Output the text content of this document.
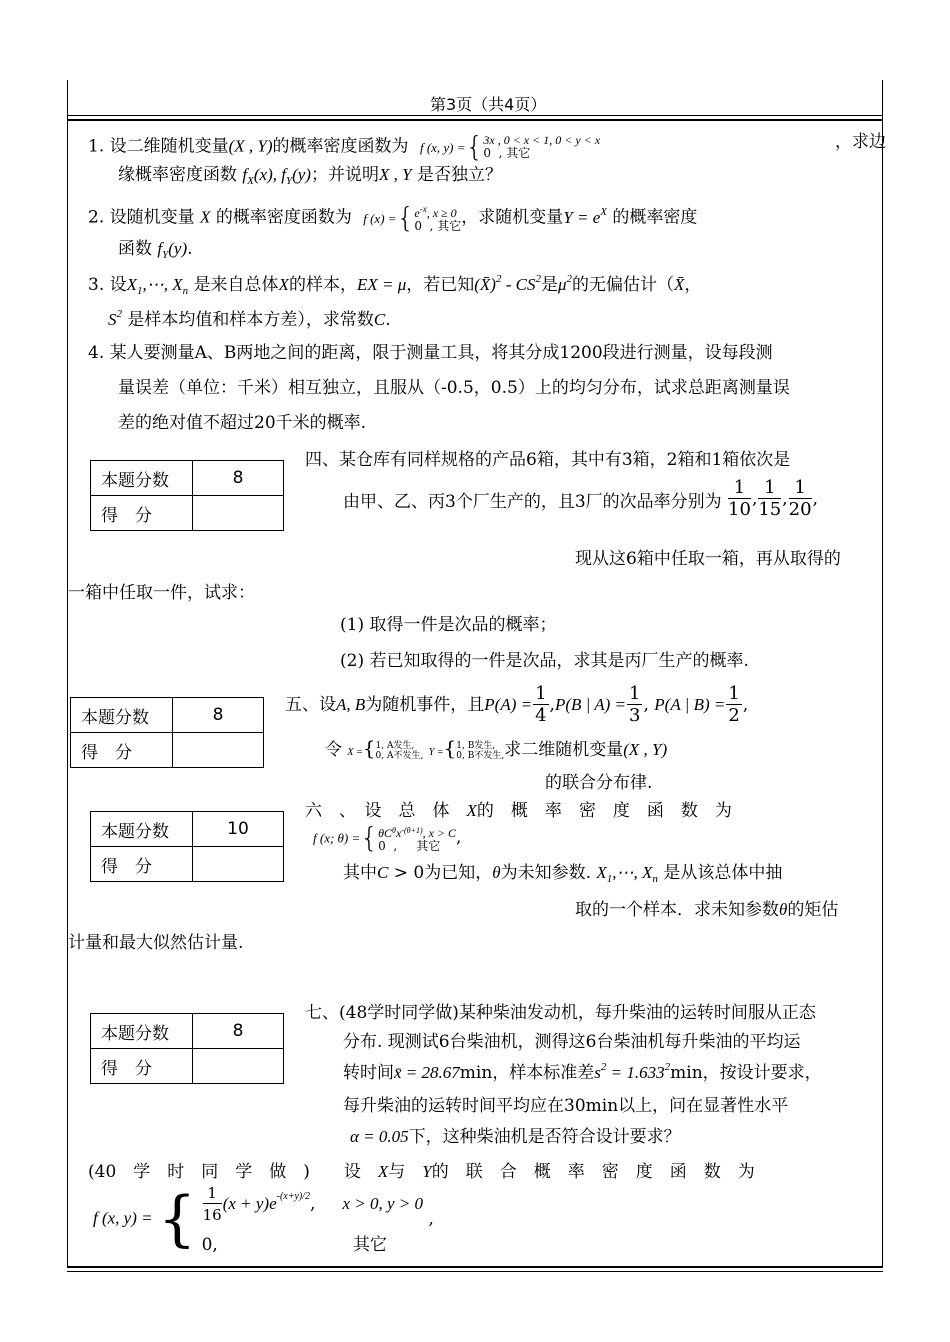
第3页（共4页）
1. 设二维随机变量(X , Y)的概率密度函数为 f (x, y) ={3x , 0 < x < 1, 0 < y < x
0  , 其它
，求边
缘概率密度函数 $f_X(x)$, $f_Y(y)$；并说明X , Y 是否独立？
2. 设随机变量 X 的概率密度函数为 f $(x) =\{e^{-x}$, x ≥ 0
0  , 其它，求随机变量$Y = e^X$ 的概率密度
函数 $f_Y(y)$.
3. 设$X_1,\cdots$, $X_n$ 是来自总体X的样本，EX = μ，若已知(X̄)$^2$ - $CS^2$是$\mu^2$的无偏估计（X̄，
$S^2$ 是样本均值和样本方差），求常数C.
4. 某人要测量A、B两地之间的距离，限于测量工具，将其分成1200段进行测量，设每段测
量误差（单位：千米）相互独立，且服从（-0.5，0.5）上的均匀分布，试求总距离测量误
差的绝对值不超过20千米的概率.
本题分数	8
得　分	
四、某仓库有同样规格的产品6箱，其中有3箱，2箱和1箱依次是
由甲、乙、丙3个厂生产的，且3厂的次品率分别为 $\frac{1}{10}$ , $\frac{1}{15}$ , $\frac{1}{20}$ ,
现从这6箱中任取一箱，再从取得的
一箱中任取一件，试求：
(1) 取得一件是次品的概率；
(2) 若已知取得的一件是次品，求其是丙厂生产的概率.
本题分数	8
得　分	
五、设A, B为随机事件，且$P(A) = \frac{1}{4} ,P(B$ | $A) = \frac{1}{3}$ , P(A | $B) = \frac{1}{2}$ ,
令 X ={1, A发生,
0, A不发生, Y ={1, B发生,
0, B不发生,求二维随机变量(X , Y)
的联合分布律.
本题分数	10
得　分	
六　、　设　总　体　X的　概　率　密　度　函　数　为
f (x; $\theta) =\{\theta C^\theta x^{-(\theta+1)}$, x > C
0  ,     其它 ,
其中C > 0为已知，θ为未知参数. $X_1,\cdots$, $X_n$ 是从该总体中抽
取的一个样本．求未知参数θ的矩估
计量和最大似然估计量.
本题分数	8
得　分	
七、(48学时同学做)某种柴油发动机，每升柴油的运转时间服从正态
分布. 现测试6台柴油机，测得这6台柴油机每升柴油的平均运
转时间x̄ = 28.67min，样本标准差$s^2 = 1.633^2\min$，按设计要求，
每升柴油的运转时间平均应在30min以上，问在显著性水平
α = 0.05下，这种柴油机是否符合设计要求？
(40　学　时　同　学　做　)　　设　X与　Y的　联　合　概　率　密　度　函　数　为
f (x, y) = { $\frac{1}{16} (x + y)e^{-(x+y)/2}$,     x > 0, y > 0
0,                         其它
,
